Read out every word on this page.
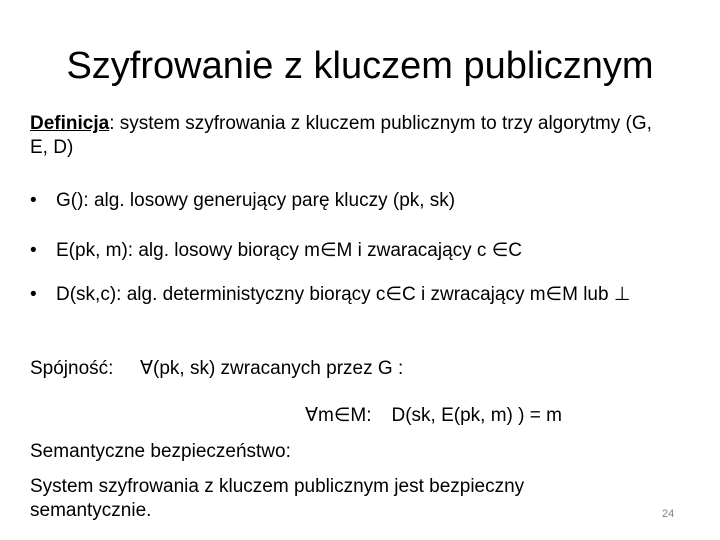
Szyfrowanie z kluczem publicznym
Definicja: system szyfrowania z kluczem publicznym to trzy algorytmy (G, E, D)
• G(): alg. losowy generujący parę kluczy (pk, sk)
• E(pk, m): alg. losowy biorący m∈M i zwaracający c ∈C
• D(sk,c): alg. deterministyczny biorący c∈C i zwracający m∈M lub ⊥
Spójność: ∀(pk, sk) zwracanych przez G :
∀m∈M: D(sk, E(pk, m) ) = m
Semantyczne bezpieczeństwo:
System szyfrowania z kluczem publicznym jest bezpieczny semantycznie.	24
